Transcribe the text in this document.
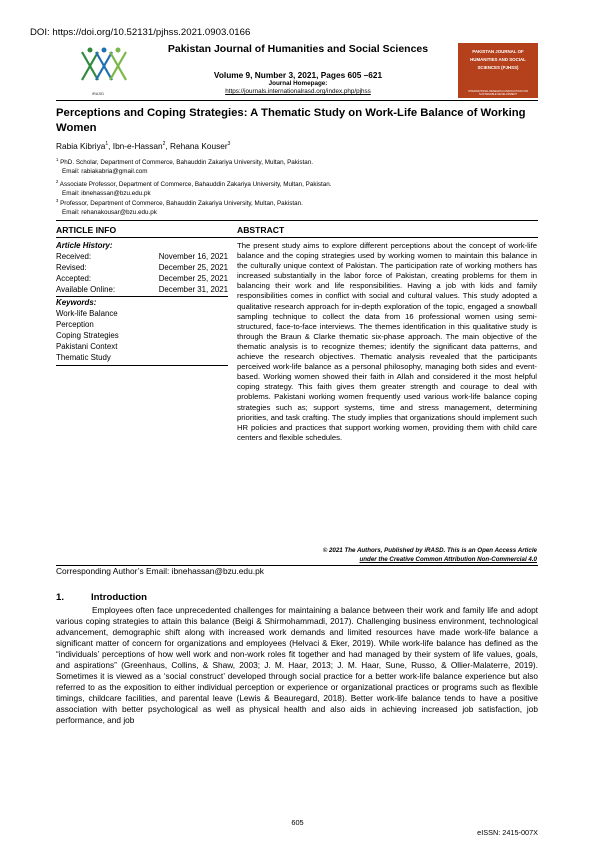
DOI: https://doi.org/10.52131/pjhss.2021.0903.0166
iRASD
Pakistan Journal of Humanities and Social Sciences
Volume 9, Number 3, 2021, Pages 605 –621
Journal Homepage:
https://journals.internationalrasd.org/index.php/pjhss
PAKISTAN JOURNAL OF HUMANITIES AND SOCIAL SCIENCES (PJHSS)
INTERNATIONAL RESEARCH ASSOCIATION FOR SUSTAINABLE DEVELOPMENT
Perceptions and Coping Strategies: A Thematic Study on Work-Life Balance of Working Women
Rabia Kibriya$^1$, Ibn-e-Hassan$^2$, Rehana Kouser$^3$
$^1$ PhD. Scholar, Department of Commerce, Bahauddin Zakariya University, Multan, Pakistan.
Email: rabiakabria@gmail.com
$^2$ Associate Professor, Department of Commerce, Bahauddin Zakariya University, Multan, Pakistan.
Email: ibnehassan@bzu.edu.pk
$^3$ Professor, Department of Commerce, Bahauddin Zakariya University, Multan, Pakistan.
Email: rehanakousar@bzu.edu.pk
ARTICLE INFO	ABSTRACT
Article History:
Received:	November 16, 2021
Revised:	December 25, 2021
Accepted:	December 25, 2021
Available Online:	December 31, 2021
Keywords:
Work-life Balance
Perception
Coping Strategies
Pakistani Context
Thematic Study
The present study aims to explore different perceptions about the concept of work-life balance and the coping strategies used by working women to maintain this balance in the culturally unique context of Pakistan. The participation rate of working mothers has increased substantially in the labor force of Pakistan, creating problems for them in balancing their work and life responsibilities. Having a job with kids and family responsibilities comes in conflict with social and cultural values. This study adopted a qualitative research approach for in-depth exploration of the topic, engaged a snowball sampling technique to collect the data from 16 professional women using semi-structured, face-to-face interviews. The themes identification in this qualitative study is through the Braun & Clarke thematic six-phase approach. The main objective of the thematic analysis is to recognize themes; identify the significant data patterns, and achieve the research objectives. Thematic analysis revealed that the participants perceived work-life balance as a personal philosophy, managing both sides and event-based. Working women showed their faith in Allah and considered it the most helpful coping strategy. This faith gives them greater strength and courage to deal with problems. Pakistani working women frequently used various work-life balance coping strategies such as; support systems, time and stress management, determining priorities, and task crafting. The study implies that organizations should implement such HR policies and practices that support working women, providing them with child care centers and flexible schedules.
© 2021 The Authors, Published by iRASD. This is an Open Access Article
under the Creative Common Attribution Non-Commercial 4.0
Corresponding Author’s Email: ibnehassan@bzu.edu.pk
1.	Introduction
Employees often face unprecedented challenges for maintaining a balance between their work and family life and adopt various coping strategies to attain this balance (Beigi & Shirmohammadi, 2017). Challenging business environment, technological advancement, demographic shift along with increased work demands and limited resources have made work-life balance a significant matter of concern for organizations and employees (Helvaci & Eker, 2019). While work-life balance has defined as the “individuals’ perceptions of how well work and non-work roles fit together and had managed by their system of life values, goals, and aspirations” (Greenhaus, Collins, & Shaw, 2003; J. M. Haar, 2013; J. M. Haar, Sune, Russo, & Ollier-Malaterre, 2019). Sometimes it is viewed as a ‘social construct’ developed through social practice for a better work-life balance experience but also referred to as the exposition to either individual perception or experience or organizational practices or programs such as flexible timings, childcare facilities, and parental leave (Lewis & Beauregard, 2018). Better work-life balance tends to have a positive association with better psychological as well as physical health and also aids in achieving increased job satisfaction, job performance, and job
605
eISSN: 2415-007X
